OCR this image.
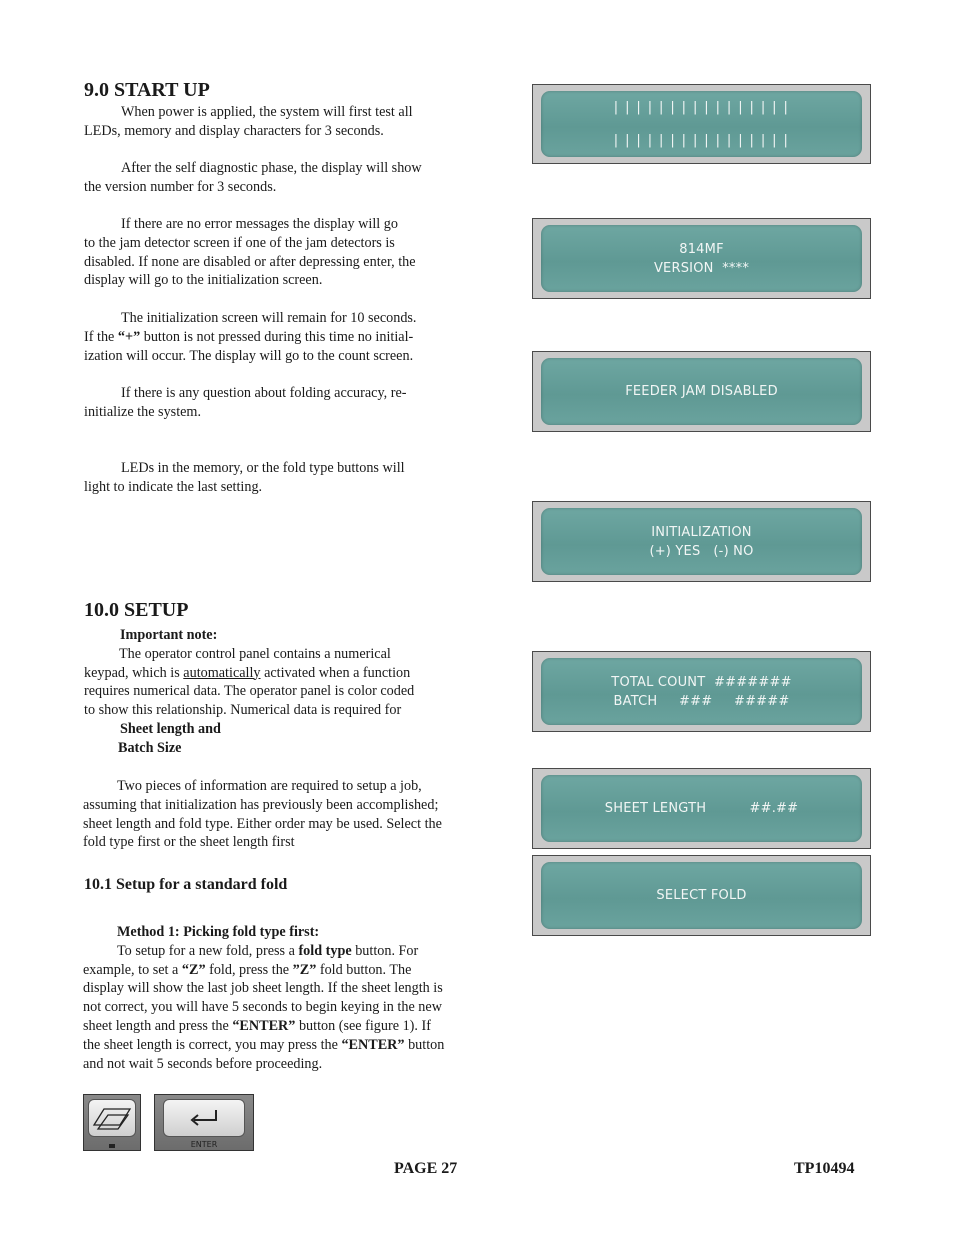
9.0 START UP
When power is applied, the system will first test all
LEDs, memory and display characters for 3 seconds.
After the self diagnostic phase, the display will show
the version number for 3 seconds.
If there are no error messages the display will go
to the jam detector screen if one of the jam detectors is
disabled. If none are disabled or after depressing enter, the
display will go to the initialization screen.
The initialization screen will remain for 10 seconds.
If the “+” button is not pressed during this time no initial-
ization will occur. The display will go to the count screen.
If there is any question about folding accuracy, re-
initialize the system.
LEDs in the memory, or the fold type buttons will
light to indicate the last setting.
10.0 SETUP
Important note:
The operator control panel contains a numerical
keypad, which is automatically activated when a function
requires numerical data. The operator panel is color coded
to show this relationship. Numerical data is required for
Sheet length and
Batch Size
Two pieces of information are required to setup a job,
assuming that initialization has previously been accomplished;
sheet length and fold type. Either order may be used. Select the
fold type first or the sheet length first
10.1 Setup for a standard fold
Method 1: Picking fold type first:
To setup for a new fold, press a fold type button. For
example, to set a “Z” fold, press the ”Z” fold button. The
display will show the last job sheet length. If the sheet length is
not correct, you will have 5 seconds to begin keying in the new
sheet length and press the “ENTER” button (see figure 1). If
the sheet length is correct, you may press the “ENTER” button
and not wait 5 seconds before proceeding.
| | | | | | | | | | | | | | | |
| | | | | | | | | | | | | | | |
814MF
VERSION  ****
FEEDER JAM DISABLED
INITIALIZATION
(+) YES   (-) NO
TOTAL COUNT  #######
BATCH     ###     #####
SHEET LENGTH          ##.##
SELECT FOLD
ENTER
PAGE 27	TP10494
